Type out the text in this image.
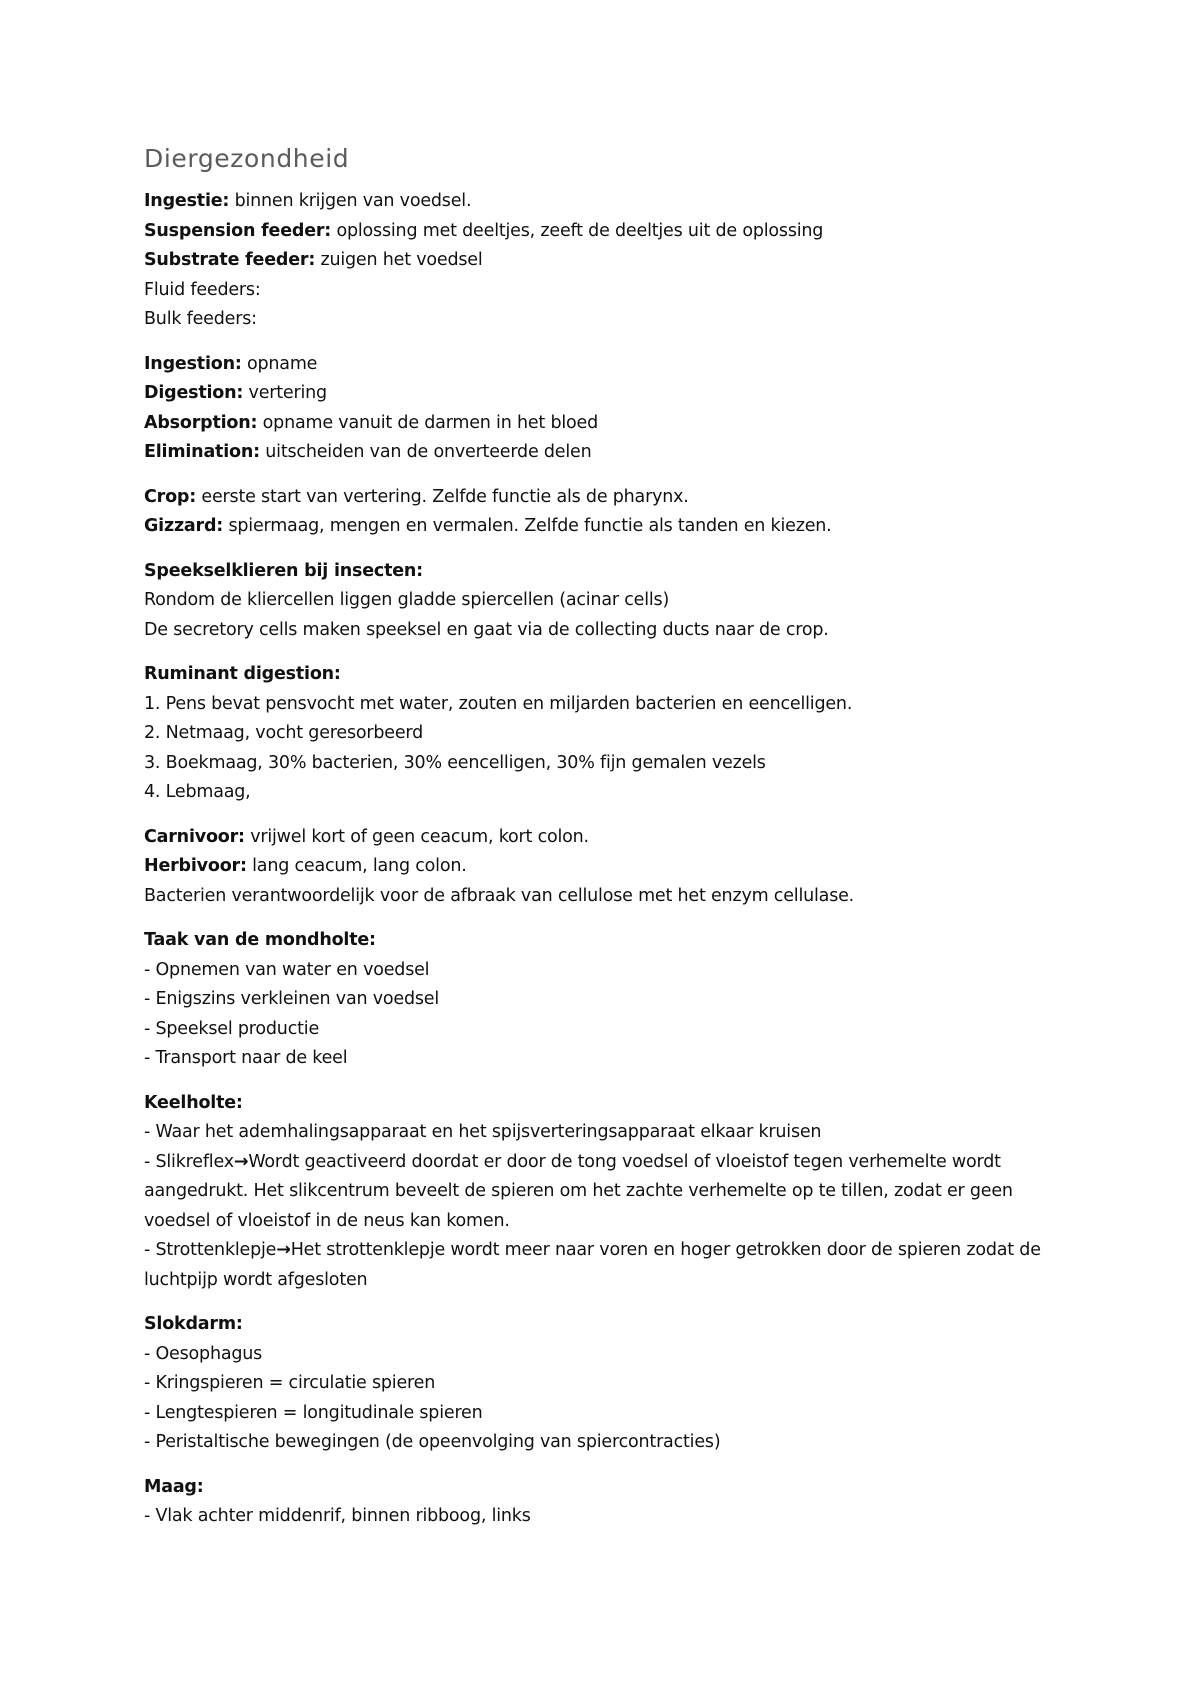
Diergezondheid
Ingestie: binnen krijgen van voedsel.
Suspension feeder: oplossing met deeltjes, zeeft de deeltjes uit de oplossing
Substrate feeder: zuigen het voedsel
Fluid feeders:
Bulk feeders:
Ingestion: opname
Digestion: vertering
Absorption: opname vanuit de darmen in het bloed
Elimination: uitscheiden van de onverteerde delen
Crop: eerste start van vertering. Zelfde functie als de pharynx.
Gizzard: spiermaag, mengen en vermalen. Zelfde functie als tanden en kiezen.
Speekselklieren bij insecten:
Rondom de kliercellen liggen gladde spiercellen (acinar cells)
De secretory cells maken speeksel en gaat via de collecting ducts naar de crop.
Ruminant digestion:
1. Pens bevat pensvocht met water, zouten en miljarden bacterien en eencelligen.
2. Netmaag, vocht geresorbeerd
3. Boekmaag, 30% bacterien, 30% eencelligen, 30% fijn gemalen vezels
4. Lebmaag,
Carnivoor: vrijwel kort of geen ceacum, kort colon.
Herbivoor: lang ceacum, lang colon.
Bacterien verantwoordelijk voor de afbraak van cellulose met het enzym cellulase.
Taak van de mondholte:
- Opnemen van water en voedsel
- Enigszins verkleinen van voedsel
- Speeksel productie
- Transport naar de keel
Keelholte:
- Waar het ademhalingsapparaat en het spijsverteringsapparaat elkaar kruisen
- Slikreflex→Wordt geactiveerd doordat er door de tong voedsel of vloeistof tegen verhemelte wordt aangedrukt. Het slikcentrum beveelt de spieren om het zachte verhemelte op te tillen, zodat er geen voedsel of vloeistof in de neus kan komen.
- Strottenklepje→Het strottenklepje wordt meer naar voren en hoger getrokken door de spieren zodat de luchtpijp wordt afgesloten
Slokdarm:
- Oesophagus
- Kringspieren = circulatie spieren
- Lengtespieren = longitudinale spieren
- Peristaltische bewegingen (de opeenvolging van spiercontracties)
Maag:
- Vlak achter middenrif, binnen ribboog, links
